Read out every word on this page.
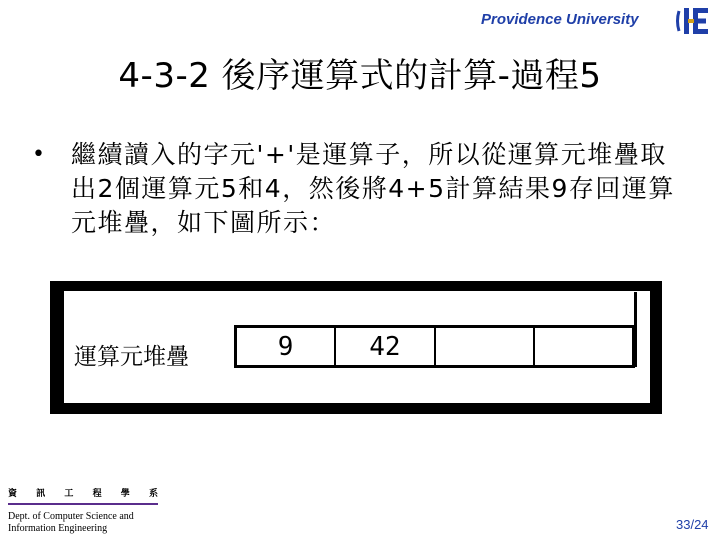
Providence University
4-3-2 後序運算式的計算-過程5
• 繼續讀入的字元'+'是運算子，所以從運算元堆疊取出2個運算元5和4，然後將4+5計算結果9存回運算元堆疊，如下圖所示：
運算元堆疊	9	42
資 訊 工 程 學 系
Dept. of Computer Science and
Information Engineering	33/24
